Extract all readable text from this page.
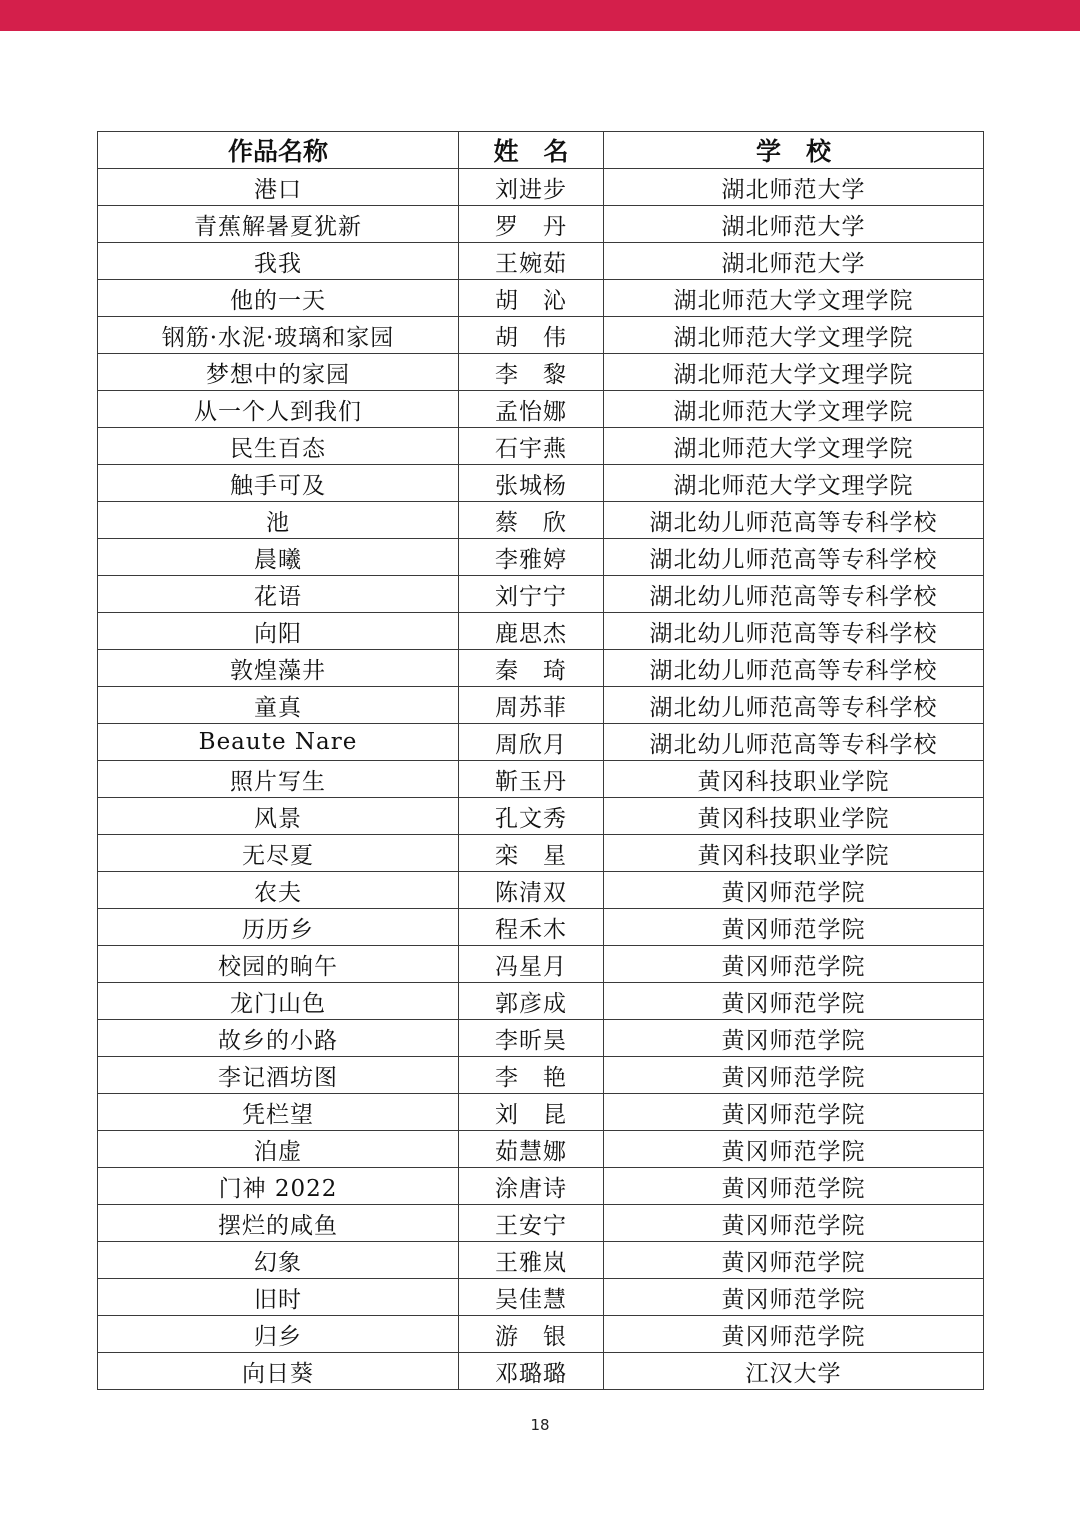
作品名称	姓　名	学　校
港口	刘进步	湖北师范大学
青蕉解暑夏犹新	罗　丹	湖北师范大学
我我	王婉茹	湖北师范大学
他的一天	胡　沁	湖北师范大学文理学院
钢筋·水泥·玻璃和家园	胡　伟	湖北师范大学文理学院
梦想中的家园	李　黎	湖北师范大学文理学院
从一个人到我们	孟怡娜	湖北师范大学文理学院
民生百态	石宇燕	湖北师范大学文理学院
触手可及	张城杨	湖北师范大学文理学院
池	蔡　欣	湖北幼儿师范高等专科学校
晨曦	李雅婷	湖北幼儿师范高等专科学校
花语	刘宁宁	湖北幼儿师范高等专科学校
向阳	鹿思杰	湖北幼儿师范高等专科学校
敦煌藻井	秦　琦	湖北幼儿师范高等专科学校
童真	周苏菲	湖北幼儿师范高等专科学校
Beaute Nare	周欣月	湖北幼儿师范高等专科学校
照片写生	靳玉丹	黄冈科技职业学院
风景	孔文秀	黄冈科技职业学院
无尽夏	栾　星	黄冈科技职业学院
农夫	陈清双	黄冈师范学院
历历乡	程禾木	黄冈师范学院
校园的晌午	冯星月	黄冈师范学院
龙门山色	郭彦成	黄冈师范学院
故乡的小路	李昕昊	黄冈师范学院
李记酒坊图	李　艳	黄冈师范学院
凭栏望	刘　昆	黄冈师范学院
泊虚	茹慧娜	黄冈师范学院
门神 2022	涂唐诗	黄冈师范学院
摆烂的咸鱼	王安宁	黄冈师范学院
幻象	王雅岚	黄冈师范学院
旧时	吴佳慧	黄冈师范学院
归乡	游　银	黄冈师范学院
向日葵	邓璐璐	江汉大学
18
